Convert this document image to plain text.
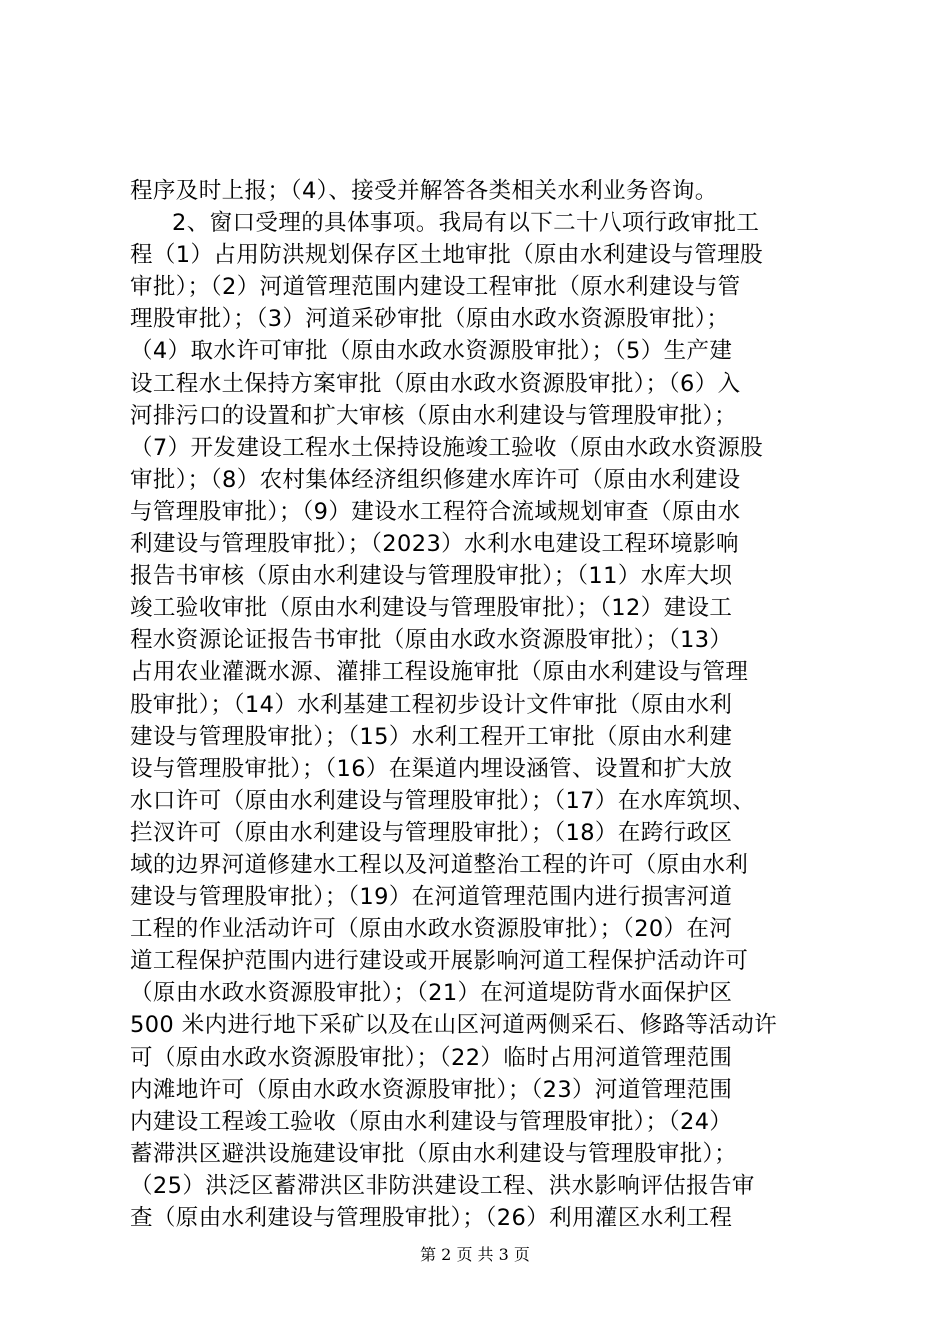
程序及时上报；（4）、接受并解答各类相关水利业务咨询。
2、窗口受理的具体事项。我局有以下二十八项行政审批工
程（1）占用防洪规划保存区土地审批（原由水利建设与管理股
审批）；（2）河道管理范围内建设工程审批（原水利建设与管
理股审批）；（3）河道采砂审批（原由水政水资源股审批）；
（4）取水许可审批（原由水政水资源股审批）；（5）生产建
设工程水土保持方案审批（原由水政水资源股审批）；（6）入
河排污口的设置和扩大审核（原由水利建设与管理股审批）；
（7）开发建设工程水土保持设施竣工验收（原由水政水资源股
审批）；（8）农村集体经济组织修建水库许可（原由水利建设
与管理股审批）；（9）建设水工程符合流域规划审查（原由水
利建设与管理股审批）；（2023）水利水电建设工程环境影响
报告书审核（原由水利建设与管理股审批）；（11）水库大坝
竣工验收审批（原由水利建设与管理股审批）；（12）建设工
程水资源论证报告书审批（原由水政水资源股审批）；（13）
占用农业灌溉水源、灌排工程设施审批（原由水利建设与管理
股审批）；（14）水利基建工程初步设计文件审批（原由水利
建设与管理股审批）；（15）水利工程开工审批（原由水利建
设与管理股审批）；（16）在渠道内埋设涵管、设置和扩大放
水口许可（原由水利建设与管理股审批）；（17）在水库筑坝、
拦汊许可（原由水利建设与管理股审批）；（18）在跨行政区
域的边界河道修建水工程以及河道整治工程的许可（原由水利
建设与管理股审批）；（19）在河道管理范围内进行损害河道
工程的作业活动许可（原由水政水资源股审批）；（20）在河
道工程保护范围内进行建设或开展影响河道工程保护活动许可
（原由水政水资源股审批）；（21）在河道堤防背水面保护区
500 米内进行地下采矿以及在山区河道两侧采石、修路等活动许
可（原由水政水资源股审批）；（22）临时占用河道管理范围
内滩地许可（原由水政水资源股审批）；（23）河道管理范围
内建设工程竣工验收（原由水利建设与管理股审批）；（24）
蓄滞洪区避洪设施建设审批（原由水利建设与管理股审批）；
（25）洪泛区蓄滞洪区非防洪建设工程、洪水影响评估报告审
查（原由水利建设与管理股审批）；（26）利用灌区水利工程
第 2 页 共 3 页
